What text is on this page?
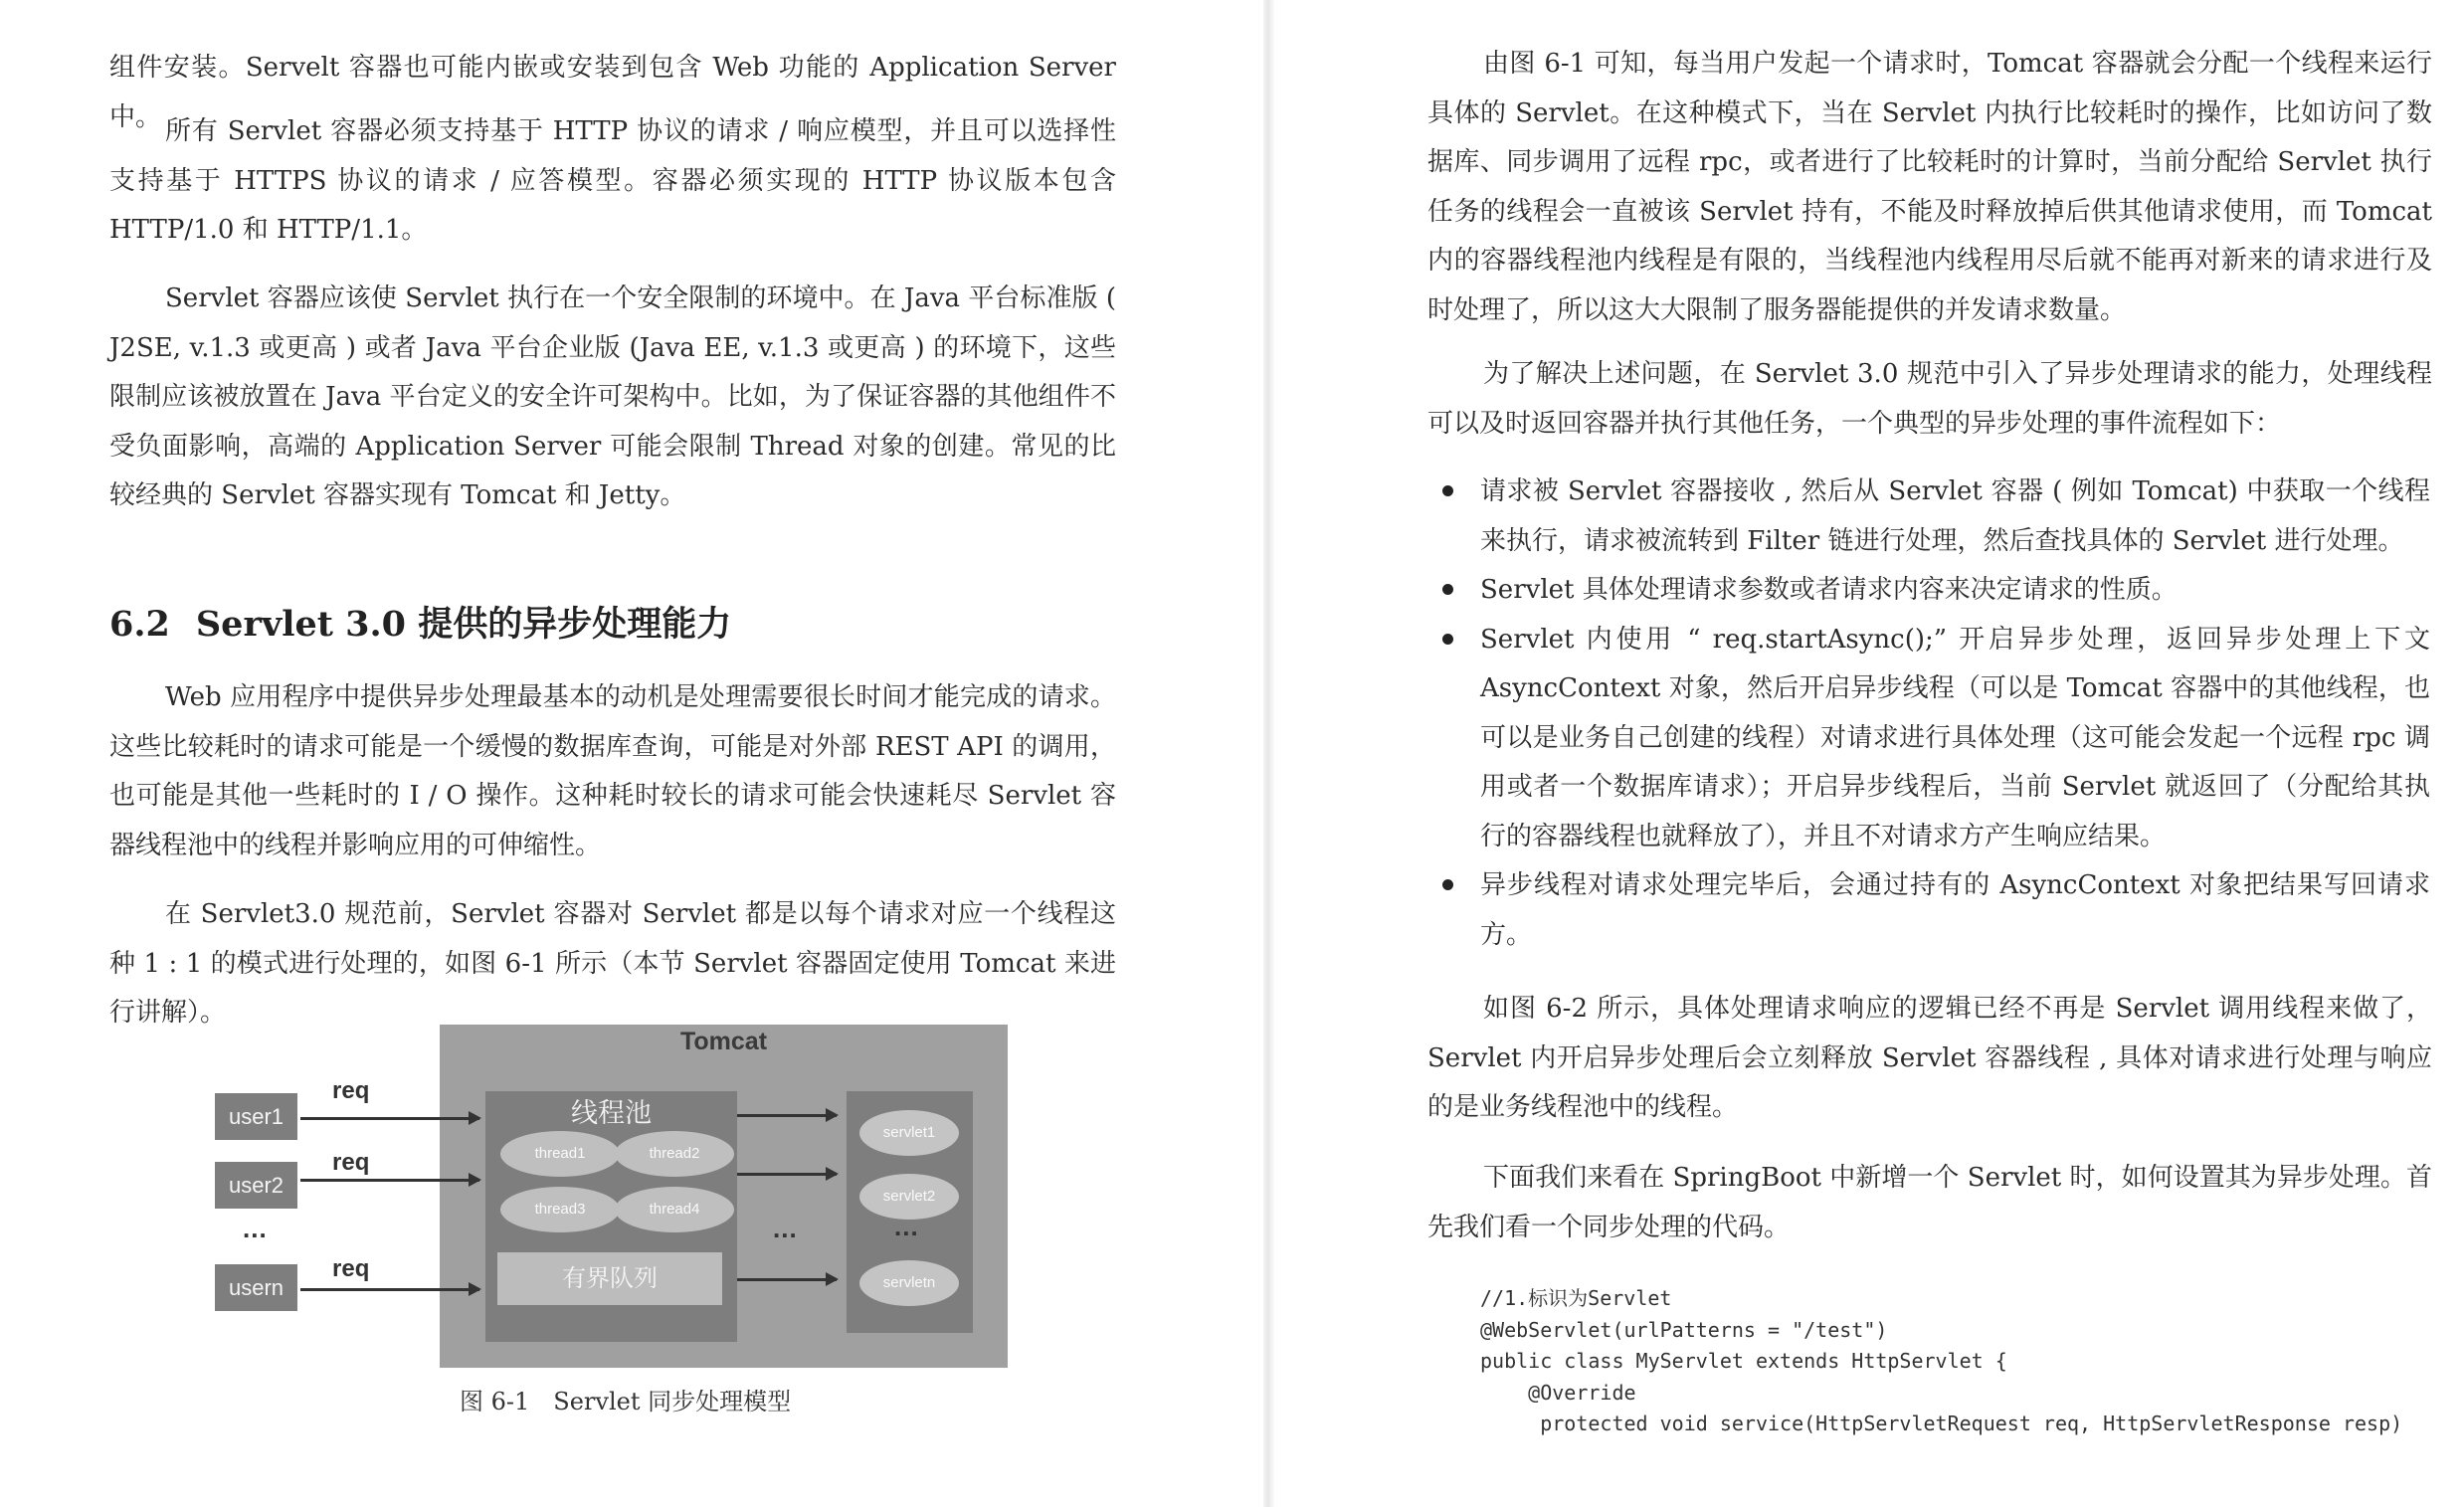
组件安装。Servelt 容器也可能内嵌或安装到包含 Web 功能的 Application Server 中。 所有 Servlet 容器必须支持基于 HTTP 协议的请求 / 响应模型，并且可以选择性支持基于 HTTPS 协议的请求 / 应答模型。容器必须实现的 HTTP 协议版本包含 HTTP/1.0 和 HTTP/1.1。

Servlet 容器应该使 Servlet 执行在一个安全限制的环境中。在 Java 平台标准版 ( J2SE, v.1.3 或更高 ) 或者 Java 平台企业版 (Java EE, v.1.3 或更高 ) 的环境下，这些限制应该被放置在 Java 平台定义的安全许可架构中。比如，为了保证容器的其他组件不受负面影响，高端的 Application Server 可能会限制 Thread 对象的创建。常见的比较经典的 Servlet 容器实现有 Tomcat 和 Jetty。

6.2 Servlet 3.0 提供的异步处理能力

Web 应用程序中提供异步处理最基本的动机是处理需要很长时间才能完成的请求。这些比较耗时的请求可能是一个缓慢的数据库查询，可能是对外部 REST API 的调用，也可能是其他一些耗时的 I / O 操作。这种耗时较长的请求可能会快速耗尽 Servlet 容器线程池中的线程并影响应用的可伸缩性。

在 Servlet3.0 规范前，Servlet 容器对 Servlet 都是以每个请求对应一个线程这种 1 : 1 的模式进行处理的，如图 6-1 所示（本节 Servlet 容器固定使用 Tomcat 来进行讲解）。

Tomcat
线程池
thread1	thread2
thread3	thread4
有界队列
servlet1
servlet2
...
servletn
user1
user2
...
usern
req
req
req
...
图 6-1　Servlet 同步处理模型

由图 6-1 可知，每当用户发起一个请求时，Tomcat 容器就会分配一个线程来运行具体的 Servlet。在这种模式下，当在 Servlet 内执行比较耗时的操作，比如访问了数据库、同步调用了远程 rpc，或者进行了比较耗时的计算时，当前分配给 Servlet 执行任务的线程会一直被该 Servlet 持有，不能及时释放掉后供其他请求使用，而 Tomcat 内的容器线程池内线程是有限的，当线程池内线程用尽后就不能再对新来的请求进行及时处理了，所以这大大限制了服务器能提供的并发请求数量。

为了解决上述问题，在 Servlet 3.0 规范中引入了异步处理请求的能力，处理线程可以及时返回容器并执行其他任务，一个典型的异步处理的事件流程如下：

请求被 Servlet 容器接收 , 然后从 Servlet 容器 ( 例如 Tomcat) 中获取一个线程来执行，请求被流转到 Filter 链进行处理，然后查找具体的 Servlet 进行处理。
Servlet 具体处理请求参数或者请求内容来决定请求的性质。
Servlet 内使用 “ req.startAsync();” 开启异步处理，返回异步处理上下文 AsyncContext 对象，然后开启异步线程（可以是 Tomcat 容器中的其他线程，也可以是业务自己创建的线程）对请求进行具体处理（这可能会发起一个远程 rpc 调用或者一个数据库请求）；开启异步线程后，当前 Servlet 就返回了（分配给其执行的容器线程也就释放了），并且不对请求方产生响应结果。
异步线程对请求处理完毕后，会通过持有的 AsyncContext 对象把结果写回请求方。

如图 6-2 所示，具体处理请求响应的逻辑已经不再是 Servlet 调用线程来做了，Servlet 内开启异步处理后会立刻释放 Servlet 容器线程 , 具体对请求进行处理与响应的是业务线程池中的线程。

下面我们来看在 SpringBoot 中新增一个 Servlet 时，如何设置其为异步处理。首先我们看一个同步处理的代码。

//1.标识为Servlet
@WebServlet(urlPatterns = "/test")
public class MyServlet extends HttpServlet {
@Override
protected void service(HttpServletRequest req, HttpServletResponse resp)
